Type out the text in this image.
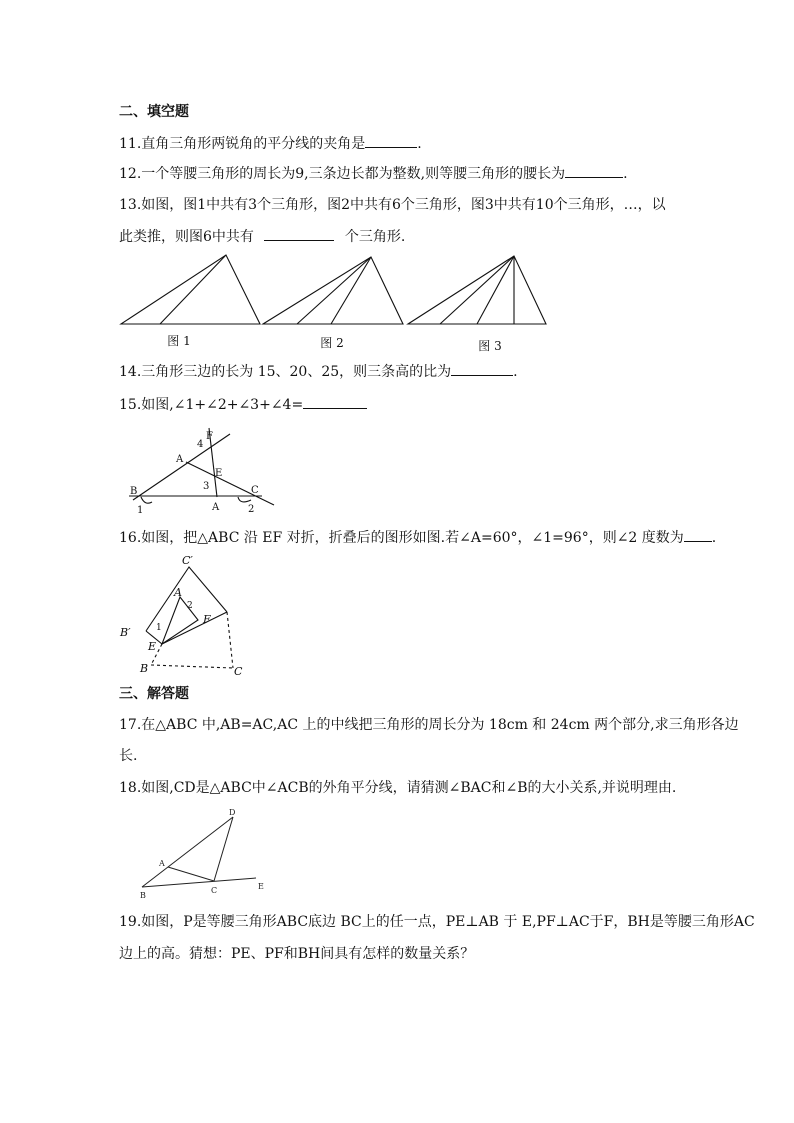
二、填空题
11.直角三角形两锐角的平分线的夹角是	.
12.一个等腰三角形的周长为9,三条边长都为整数,则等腰三角形的腰长为	.
13.如图，图1中共有3个三角形，图2中共有6个三角形，图3中共有10个三角形，…，以
此类推，则图6中共有	个三角形.
图 1	图 2	图 3
14.三角形三边的长为 15、20、25，则三条高的比为	.
15.如图,∠1+∠2+∠3+∠4=
F
4
A
E
3
B	C
A
1	2
16.如图，把△ABC 沿 EF 对折，折叠后的图形如图.若∠A=60°，∠1=96°，则∠2 度数为 .
C′
A
B′	1
2
F
E
B	C
三、解答题
17.在△ABC 中,AB=AC,AC 上的中线把三角形的周长分为 18cm 和 24cm 两个部分,求三角形各边
长.
18.如图,CD是△ABC中∠ACB的外角平分线，请猜测∠BAC和∠B的大小关系,并说明理由.
D
A
B
C	E
19.如图，P是等腰三角形ABC底边 BC上的任一点，PE⊥AB 于 E,PF⊥AC于F，BH是等腰三角形AC
边上的高。猜想：PE、PF和BH间具有怎样的数量关系？
